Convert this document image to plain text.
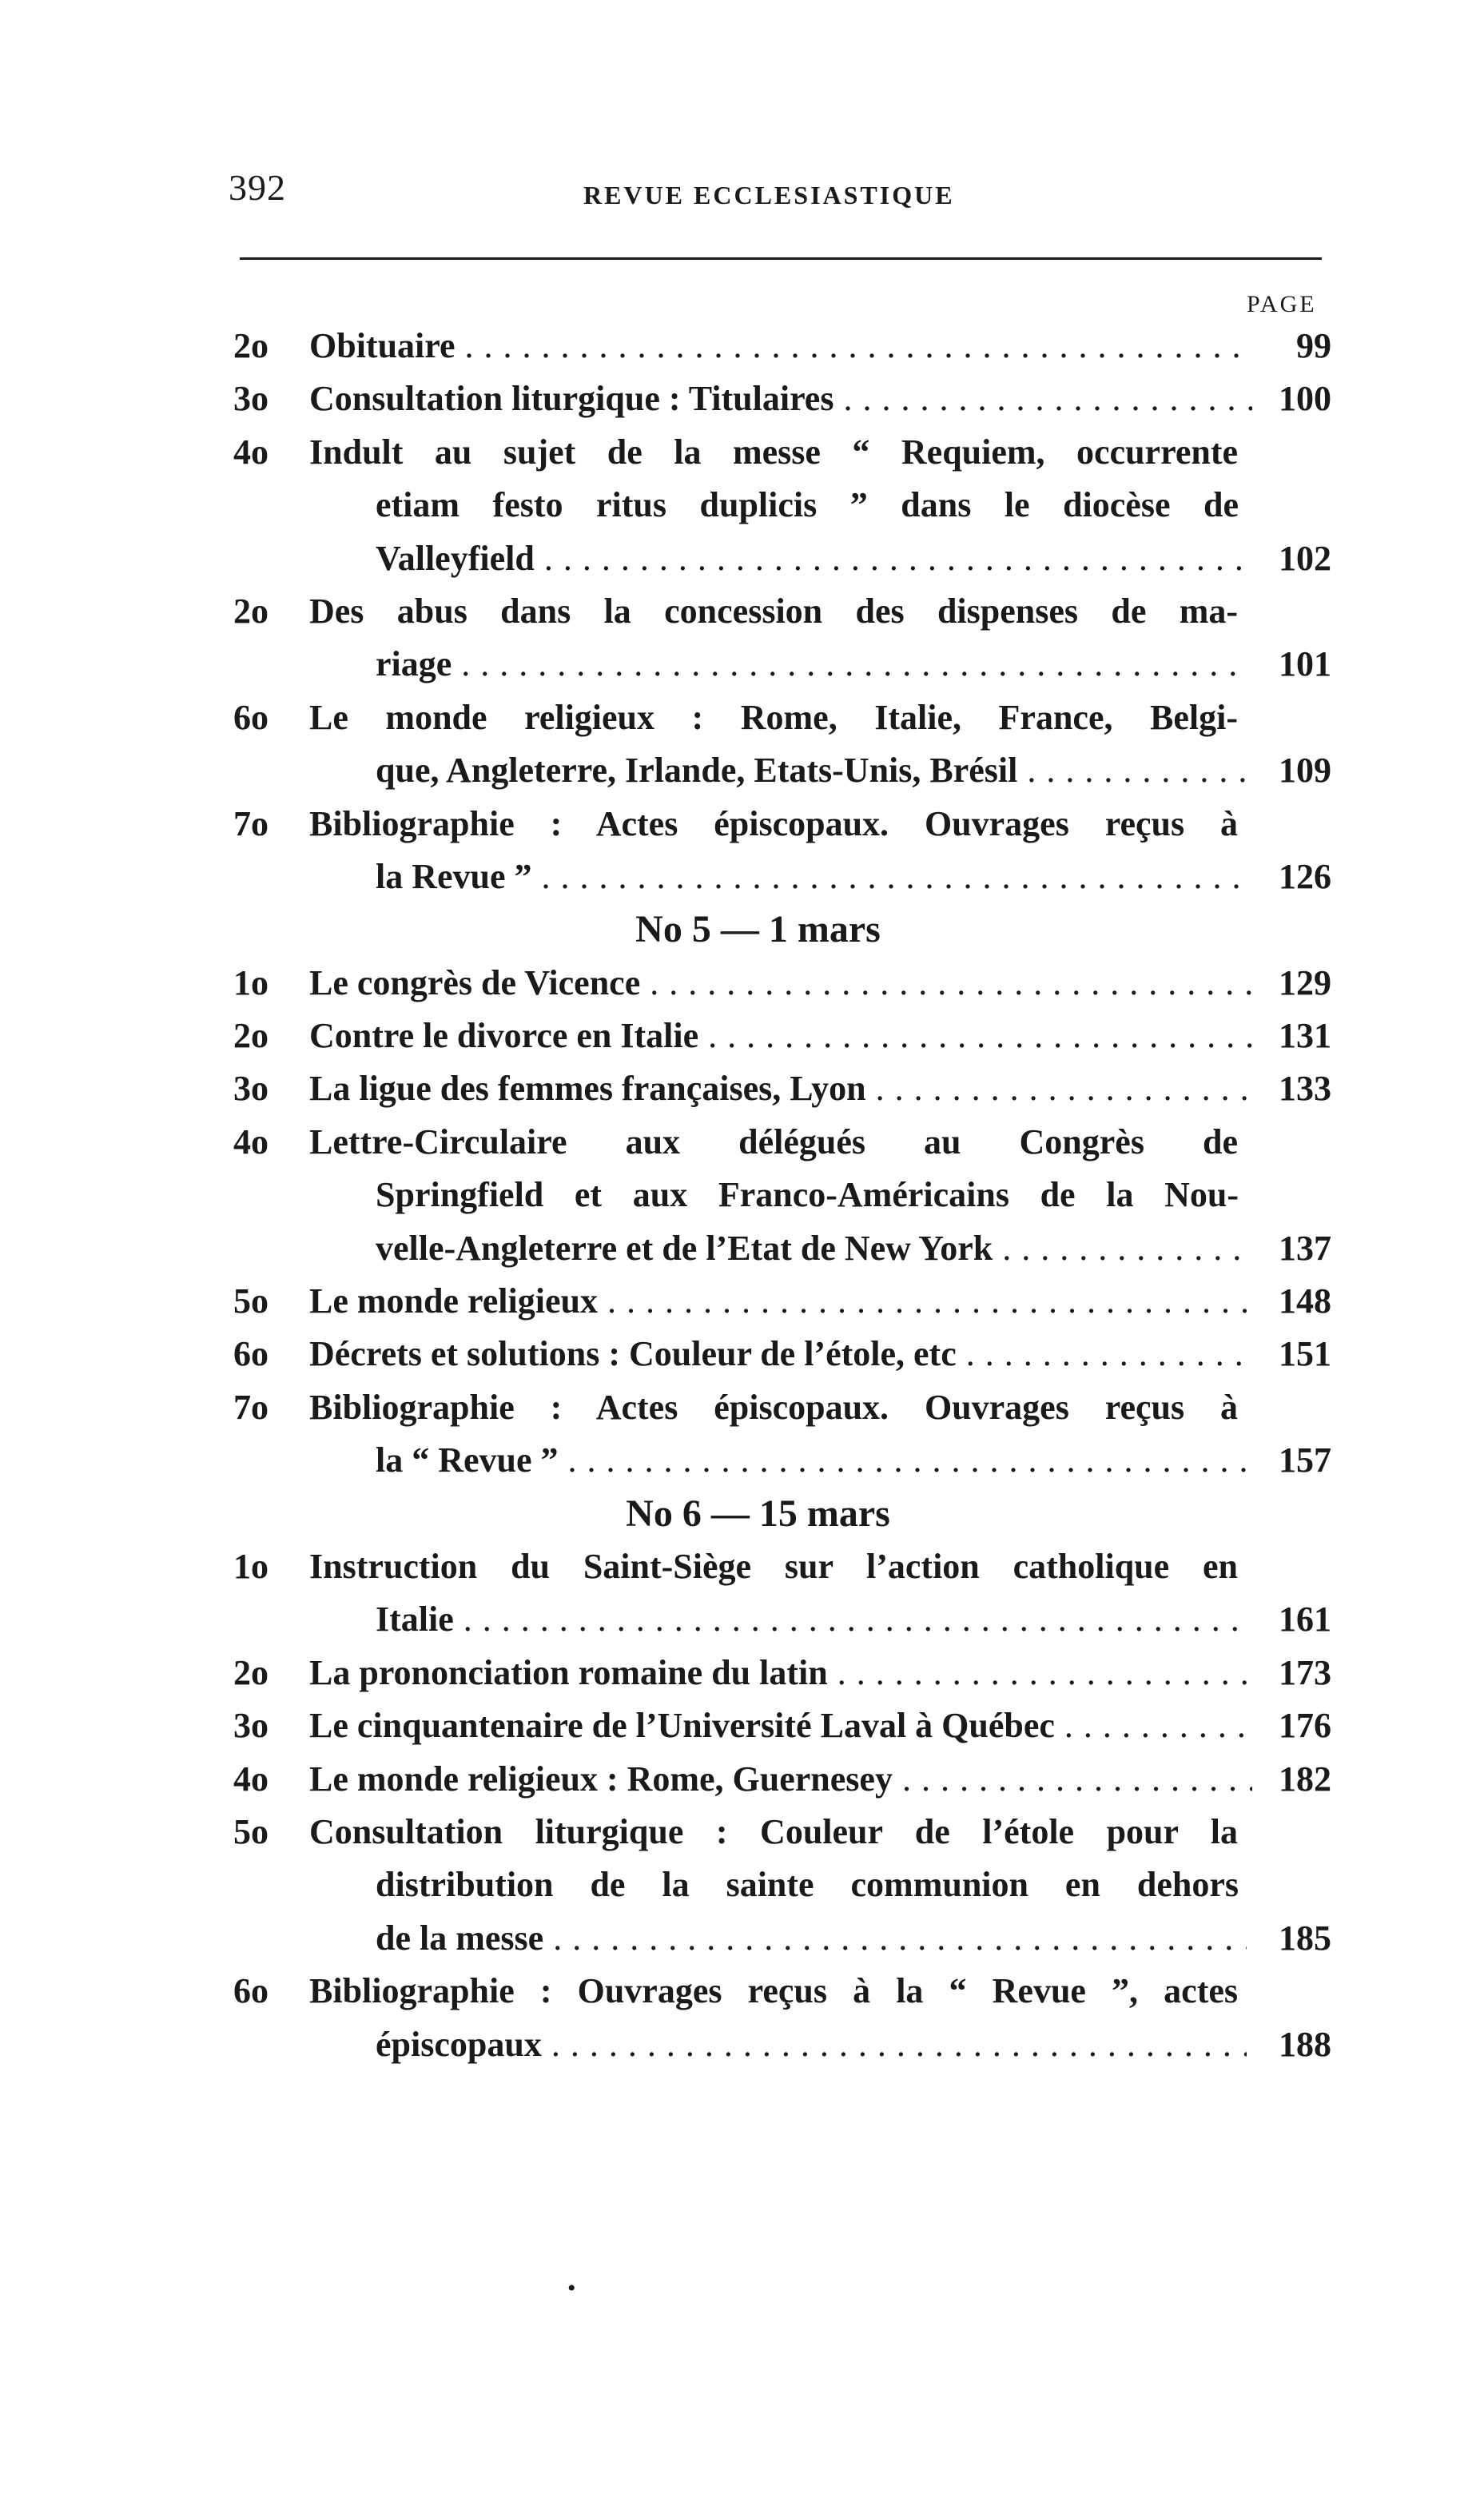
392	REVUE ECCLESIASTIQUE
PAGE
2o Obituaire . . .	99
3o Consultation liturgique : Titulaires . . .	100
4o Indult au sujet de la messe “ Requiem, occurrente
etiam festo ritus duplicis ” dans le diocèse de
Valleyfield . . .	102
2o Des abus dans la concession des dispenses de ma-
riage . . .	101
6o Le monde religieux : Rome, Italie, France, Belgi-
que, Angleterre, Irlande, Etats-Unis, Brésil . . .	109
7o Bibliographie : Actes épiscopaux. Ouvrages reçus à
la Revue ” . . .	126
No 5 — 1 mars
1o Le congrès de Vicence . . .	129
2o Contre le divorce en Italie . . .	131
3o La ligue des femmes françaises, Lyon . . .	133
4o Lettre-Circulaire aux délégués au Congrès de
Springfield et aux Franco-Américains de la Nou-
velle-Angleterre et de l’Etat de New York . . .	137
5o Le monde religieux . . .	148
6o Décrets et solutions : Couleur de l’étole, etc . . .	151
7o Bibliographie : Actes épiscopaux. Ouvrages reçus à
la “ Revue ” . . .	157
No 6 — 15 mars
1o Instruction du Saint-Siège sur l’action catholique en
Italie . . .	161
2o La prononciation romaine du latin . . .	173
3o Le cinquantenaire de l’Université Laval à Québec . . .	176
4o Le monde religieux : Rome, Guernesey . . .	182
5o Consultation liturgique : Couleur de l’étole pour la
distribution de la sainte communion en dehors
de la messe . . .	185
6o Bibliographie : Ouvrages reçus à la “ Revue ”, actes
épiscopaux . . .	188
•
